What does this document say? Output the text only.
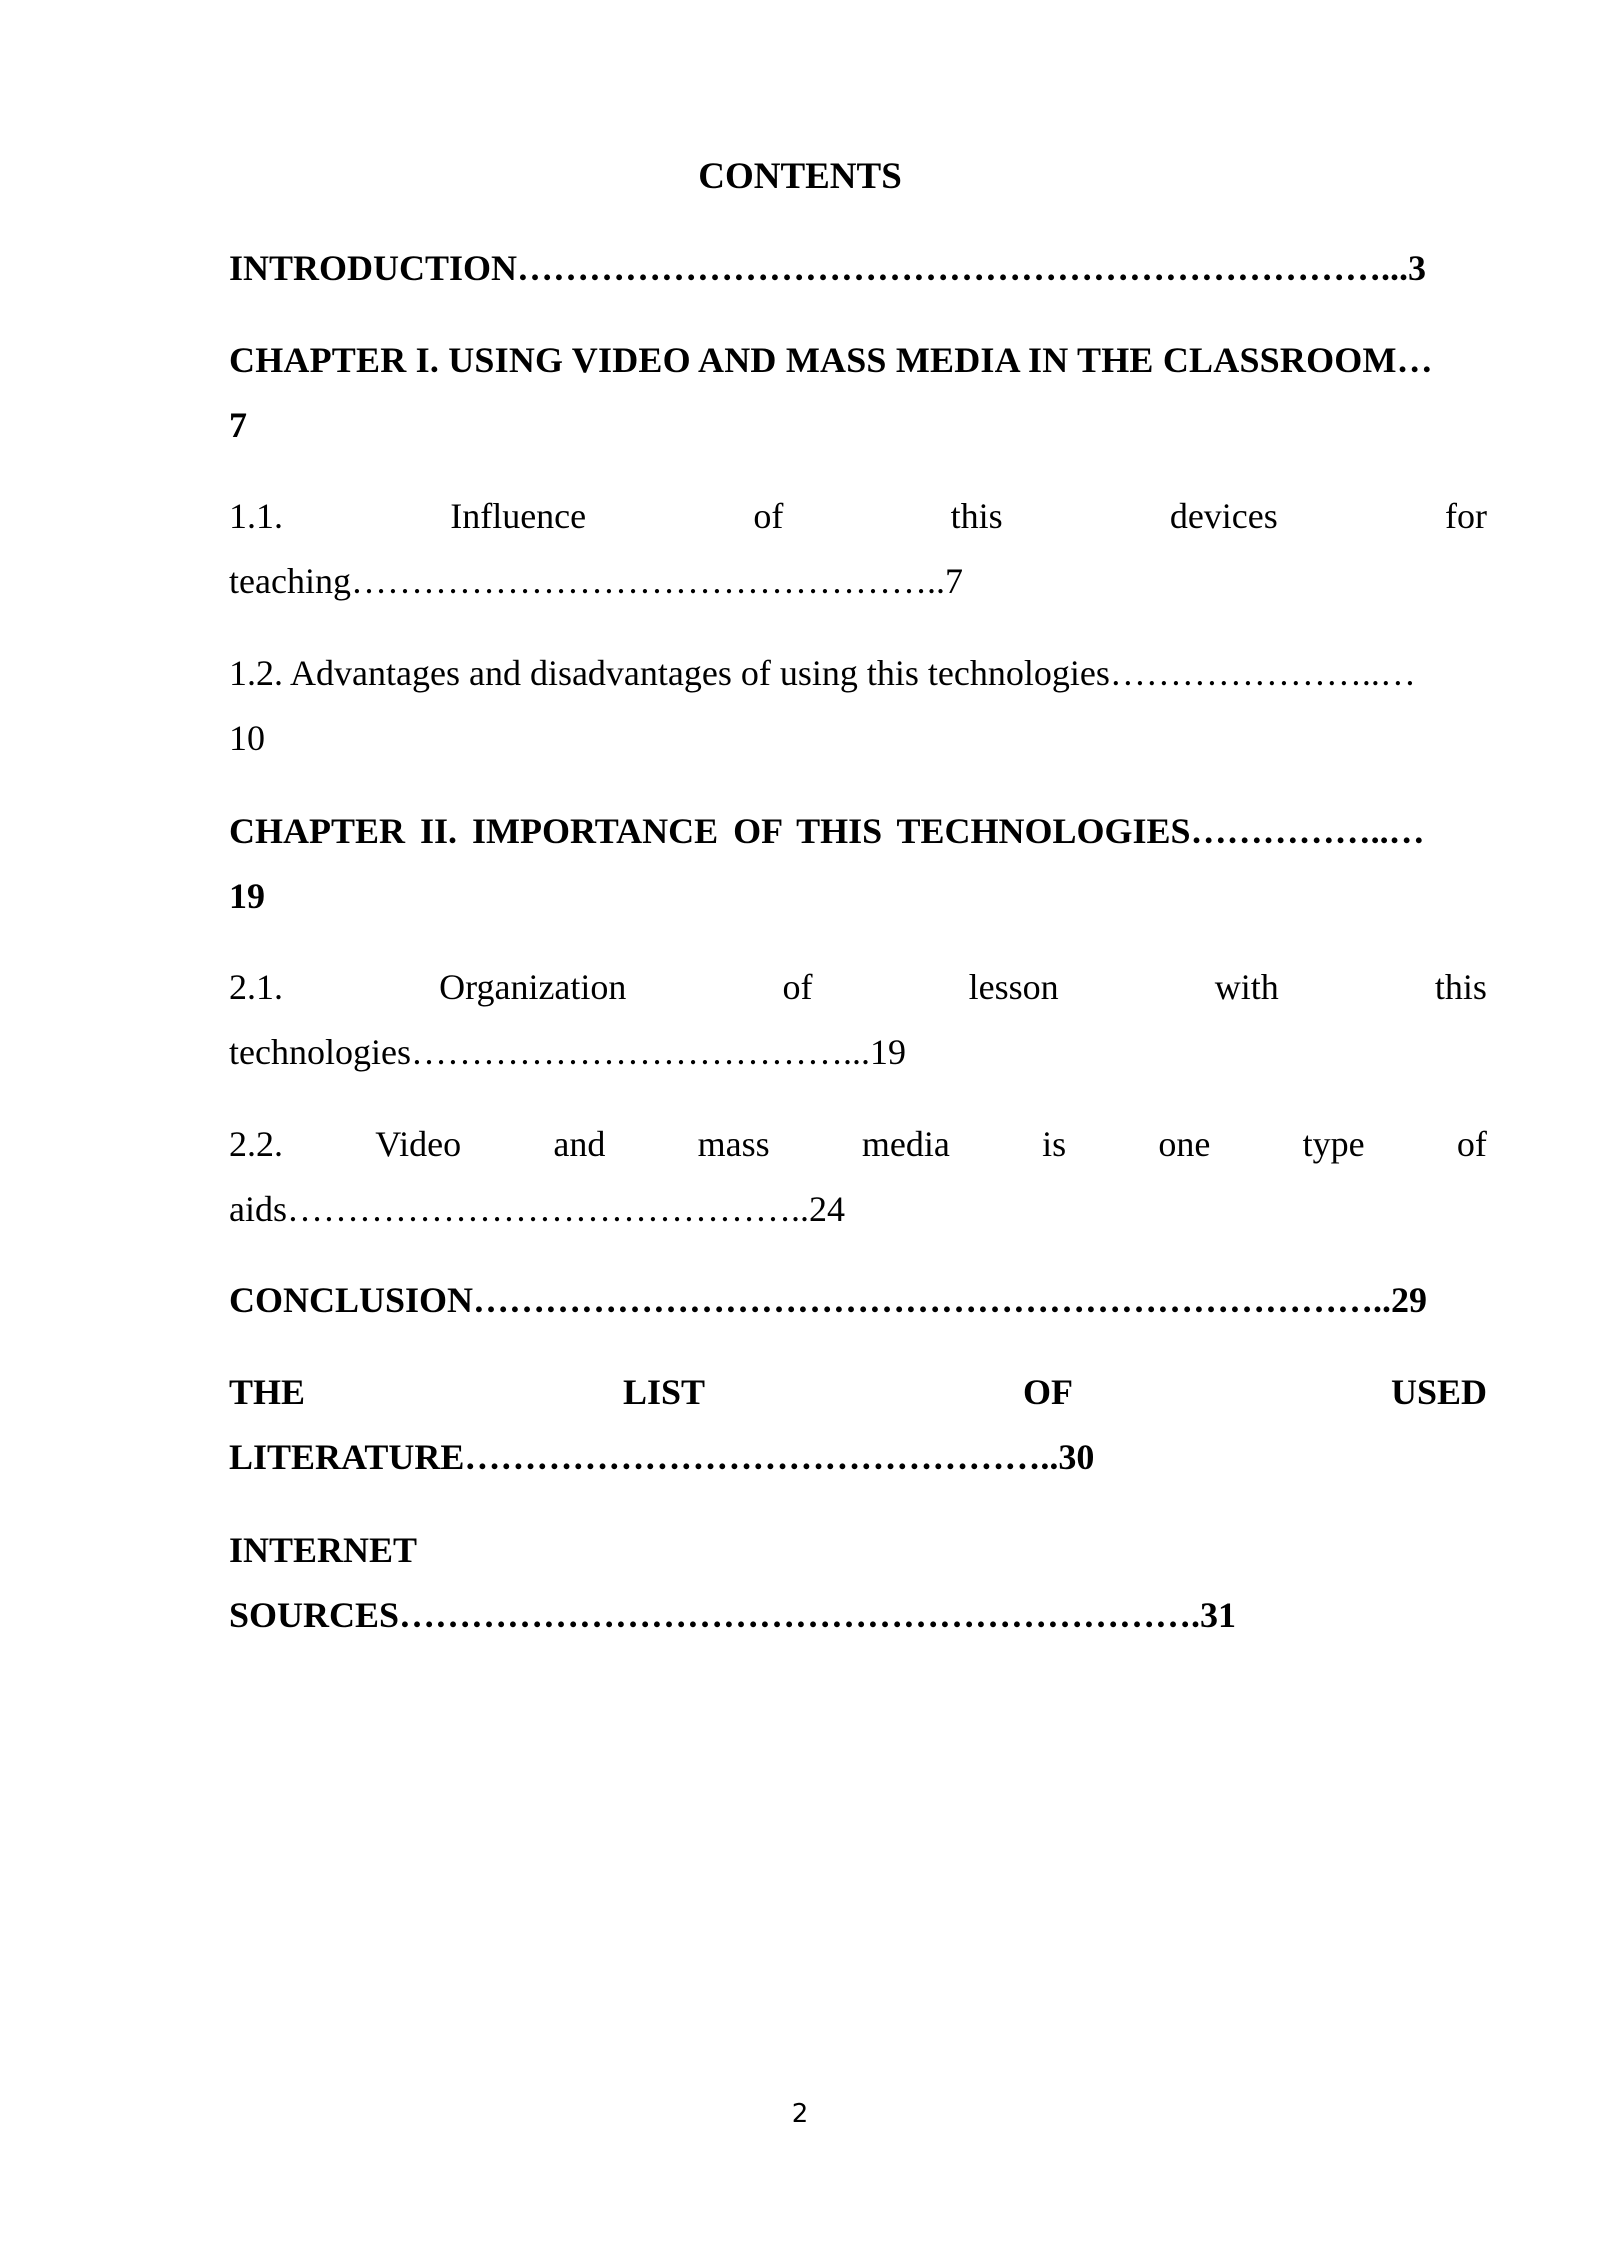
CONTENTS
INTRODUCTION………………………………………………………………...3
CHAPTER I. USING VIDEO AND MASS MEDIA IN THE CLASSROOM…
7
1.1.	Influence	of	this	devices	for
teaching…………………………………………..7
1.2. Advantages and disadvantages of using this technologies…………………..…
10
CHAPTER II. IMPORTANCE OF THIS TECHNOLOGIES……………..…
19
2.1.	Organization	of	lesson	with	this
technologies………………………………...19
2.2.	Video	and	mass	media	is	one	type	of
aids……………………………………..24
CONCLUSION…………………………………………………………………..29
THE	LIST	OF	USED
LITERATURE…………………………………………..30
INTERNET
SOURCES………………………………………………………….31
2
